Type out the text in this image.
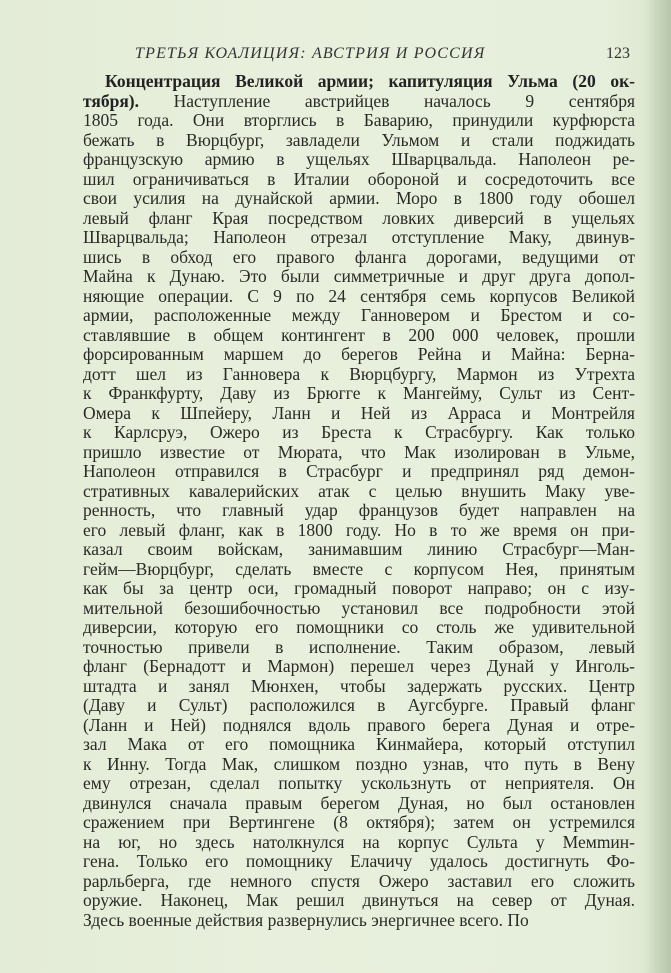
ТРЕТЬЯ КОАЛИЦИЯ: АВСТРИЯ И РОССИЯ	123
Концентрация Великой армии; капитуляция Ульма (20 ок-
тября). Наступление австрийцев началось 9 сентября
1805 года. Они вторглись в Баварию, принудили курфюрста
бежать в Вюрцбург, завладели Ульмом и стали поджидать
французскую армию в ущельях Шварцвальда. Наполеон ре-
шил ограничиваться в Италии обороной и сосредоточить все
свои усилия на дунайской армии. Моро в 1800 году обошел
левый фланг Края посредством ловких диверсий в ущельях
Шварцвальда; Наполеон отрезал отступление Маку, двинув-
шись в обход его правого фланга дорогами, ведущими от
Майна к Дунаю. Это были симметричные и друг друга допол-
няющие операции. С 9 по 24 сентября семь корпусов Великой
армии, расположенные между Ганновером и Брестом и со-
ставлявшие в общем контингент в 200 000 человек, прошли
форсированным маршем до берегов Рейна и Майна: Берна-
дотт шел из Ганновера к Вюрцбургу, Мармон из Утрехта
к Франкфурту, Даву из Брюгге к Мангейму, Сульт из Сент-
Омера к Шпейеру, Ланн и Ней из Арраса и Монтрейля
к Карлсруэ, Ожеро из Бреста к Страсбургу. Как только
пришло известие от Мюрата, что Мак изолирован в Ульме,
Наполеон отправился в Страсбург и предпринял ряд демон-
стративных кавалерийских атак с целью внушить Маку уве-
ренность, что главный удар французов будет направлен на
его левый фланг, как в 1800 году. Но в то же время он при-
казал своим войскам, занимавшим линию Страсбург—Ман-
гейм—Вюрцбург, сделать вместе с корпусом Нея, принятым
как бы за центр оси, громадный поворот направо; он с изу-
мительной безошибочностью установил все подробности этой
диверсии, которую его помощники со столь же удивительной
точностью привели в исполнение. Таким образом, левый
фланг (Бернадотт и Мармон) перешел через Дунай у Инголь-
штадта и занял Мюнхен, чтобы задержать русских. Центр
(Даву и Сульт) расположился в Аугсбурге. Правый фланг
(Ланн и Ней) поднялся вдоль правого берега Дуная и отре-
зал Мака от его помощника Кинмайера, который отступил
к Инну. Тогда Мак, слишком поздно узнав, что путь в Вену
ему отрезан, сделал попытку ускользнуть от неприятеля. Он
двинулся сначала правым берегом Дуная, но был остановлен
сражением при Вертингене (8 октября); затем он устремился
на юг, но здесь натолкнулся на корпус Сульта у Мемmин-
гена. Только его помощнику Елачичу удалось достигнуть Фо-
рарльберга, где немного спустя Ожеро заставил его сложить
оружие. Наконец, Мак решил двинуться на север от Дуная.
Здесь военные действия развернулись энергичнее всего. По
